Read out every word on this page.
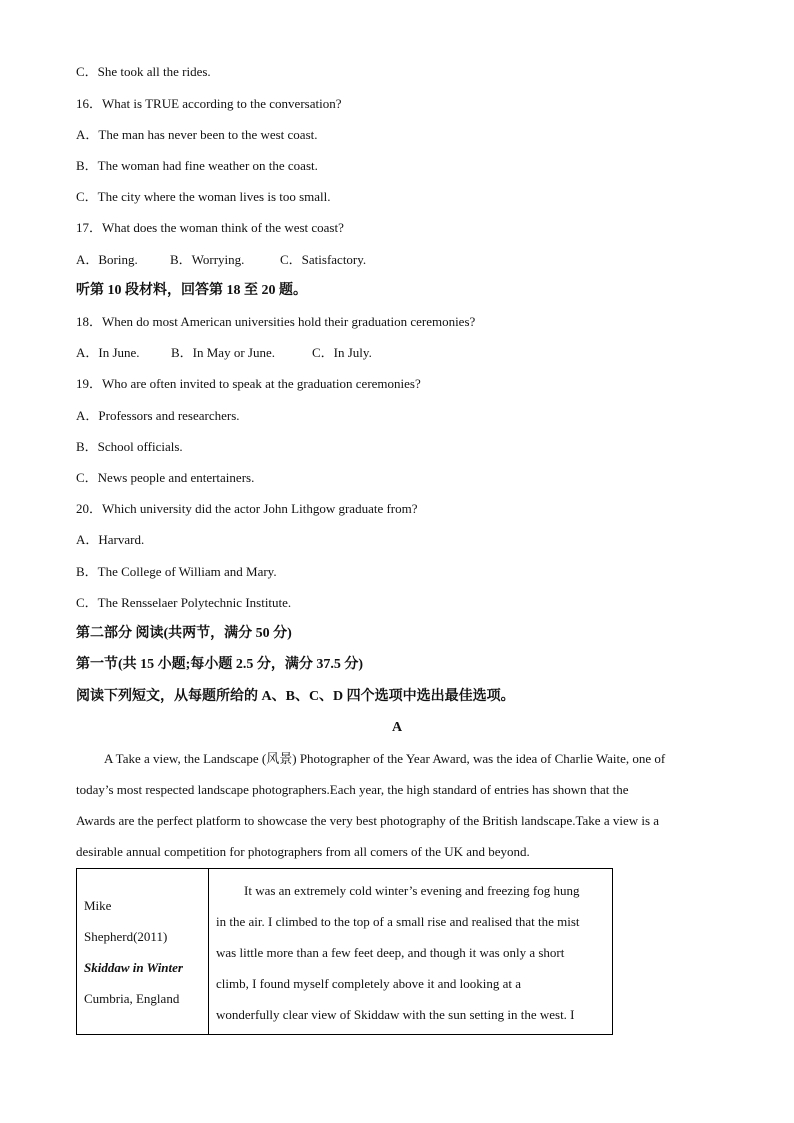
C．She took all the rides.
16．What is TRUE according to the conversation?
A．The man has never been to the west coast.
B．The woman had fine weather on the coast.
C．The city where the woman lives is too small.
17．What does the woman think of the west coast?
A．Boring. B．Worrying.	C．Satisfactory.
听第 10 段材料，回答第 18 至 20 题。
18．When do most American universities hold their graduation ceremonies?
A．In June. B．In May or June.	C．In July.
19．Who are often invited to speak at the graduation ceremonies?
A．Professors and researchers.
B．School officials.
C．News people and entertainers.
20．Which university did the actor John Lithgow graduate from?
A．Harvard.
B．The College of William and Mary.
C．The Rensselaer Polytechnic Institute.
第二部分 阅读(共两节，满分 50 分)
第一节(共 15 小题;每小题 2.5 分，满分 37.5 分)
阅读下列短文，从每题所给的 A、B、C、D 四个选项中选出最佳选项。
A

A Take a view, the Landscape (风景) Photographer of the Year Award, was the idea of Charlie Waite, one of

today’s most respected landscape photographers.Each year, the high standard of entries has shown that the

Awards are the perfect platform to showcase the very best photography of the British landscape.Take a view is a

desirable annual competition for photographers from all comers of the UK and beyond.

Mike
Shepherd(2011)
Skiddaw in Winter
Cumbria, England

It was an extremely cold winter’s evening and freezing fog hung

in the air. I climbed to the top of a small rise and realised that the mist

was little more than a few feet deep, and though it was only a short

climb, I found myself completely above it and looking at a

wonderfully clear view of Skiddaw with the sun setting in the west. I
